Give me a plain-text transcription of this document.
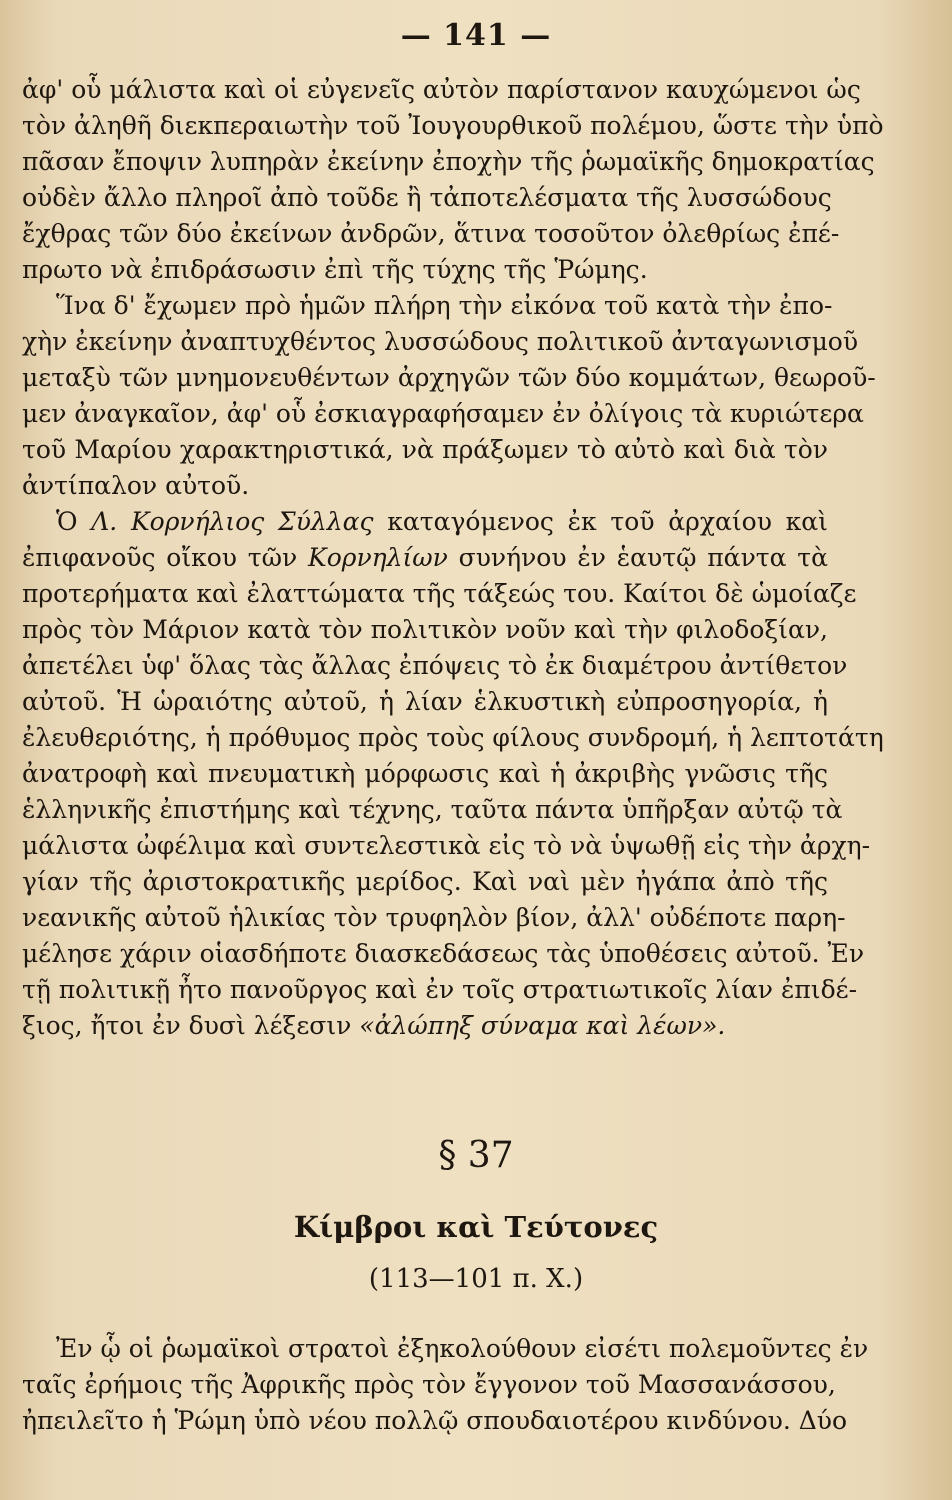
— 141 —
ἀφ' οὗ μάλιστα καὶ οἱ εὐγενεῖς αὐτὸν παρίστανον καυχώμενοι ὡς
τὸν ἀληθῆ διεκπεραιωτὴν τοῦ Ἰουγουρθικοῦ πολέμου, ὥστε τὴν ὑπὸ
πᾶσαν ἔποψιν λυπηρὰν ἐκείνην ἐποχὴν τῆς ῥωμαϊκῆς δημοκρατίας
οὐδὲν ἄλλο πληροῖ ἀπὸ τοῦδε ἢ τἀποτελέσματα τῆς λυσσώδους
ἔχθρας τῶν δύο ἐκείνων ἀνδρῶν, ἅτινα τοσοῦτον ὀλεθρίως ἐπέ-
πρωτο νὰ ἐπιδράσωσιν ἐπὶ τῆς τύχης τῆς Ῥώμης.
Ἵνα δ' ἔχωμεν πρὸ ἡμῶν πλήρη τὴν εἰκόνα τοῦ κατὰ τὴν ἐπο-
χὴν ἐκείνην ἀναπτυχθέντος λυσσώδους πολιτικοῦ ἀνταγωνισμοῦ
μεταξὺ τῶν μνημονευθέντων ἀρχηγῶν τῶν δύο κομμάτων, θεωροῦ-
μεν ἀναγκαῖον, ἀφ' οὗ ἐσκιαγραφήσαμεν ἐν ὀλίγοις τὰ κυριώτερα
τοῦ Μαρίου χαρακτηριστικά, νὰ πράξωμεν τὸ αὐτὸ καὶ διὰ τὸν
ἀντίπαλον αὐτοῦ.
Ὁ Λ. Κορνήλιος Σύλλας καταγόμενος ἐκ τοῦ ἀρχαίου καὶ
ἐπιφανοῦς οἴκου τῶν Κορνηλίων συνήνου ἐν ἑαυτῷ πάντα τὰ
προτερήματα καὶ ἐλαττώματα τῆς τάξεώς του. Καίτοι δὲ ὡμοίαζε
πρὸς τὸν Μάριον κατὰ τὸν πολιτικὸν νοῦν καὶ τὴν φιλοδοξίαν,
ἀπετέλει ὑφ' ὅλας τὰς ἄλλας ἐπόψεις τὸ ἐκ διαμέτρου ἀντίθετον
αὐτοῦ. Ἡ ὡραιότης αὐτοῦ, ἡ λίαν ἑλκυστικὴ εὐπροσηγορία, ἡ
ἐλευθεριότης, ἡ πρόθυμος πρὸς τοὺς φίλους συνδρομή, ἡ λεπτοτάτη
ἀνατροφὴ καὶ πνευματικὴ μόρφωσις καὶ ἡ ἀκριβὴς γνῶσις τῆς
ἑλληνικῆς ἐπιστήμης καὶ τέχνης, ταῦτα πάντα ὑπῆρξαν αὐτῷ τὰ
μάλιστα ὠφέλιμα καὶ συντελεστικὰ εἰς τὸ νὰ ὑψωθῇ εἰς τὴν ἀρχη-
γίαν τῆς ἀριστοκρατικῆς μερίδος. Καὶ ναὶ μὲν ἠγάπα ἀπὸ τῆς
νεανικῆς αὐτοῦ ἡλικίας τὸν τρυφηλὸν βίον, ἀλλ' οὐδέποτε παρη-
μέλησε χάριν οἱασδήποτε διασκεδάσεως τὰς ὑποθέσεις αὐτοῦ. Ἐν
τῇ πολιτικῇ ἦτο πανοῦργος καὶ ἐν τοῖς στρατιωτικοῖς λίαν ἐπιδέ-
ξιος, ἤτοι ἐν δυσὶ λέξεσιν «ἀλώπηξ σύναμα καὶ λέων».
§ 37
Κίμβροι καὶ Τεύτονες
(113—101 π. Χ.)
Ἐν ᾧ οἱ ῥωμαϊκοὶ στρατοὶ ἐξηκολούθουν εἰσέτι πολεμοῦντες ἐν
ταῖς ἐρήμοις τῆς Ἀφρικῆς πρὸς τὸν ἔγγονον τοῦ Μασσανάσσου,
ἠπειλεῖτο ἡ Ῥώμη ὑπὸ νέου πολλῷ σπουδαιοτέρου κινδύνου. Δύο
